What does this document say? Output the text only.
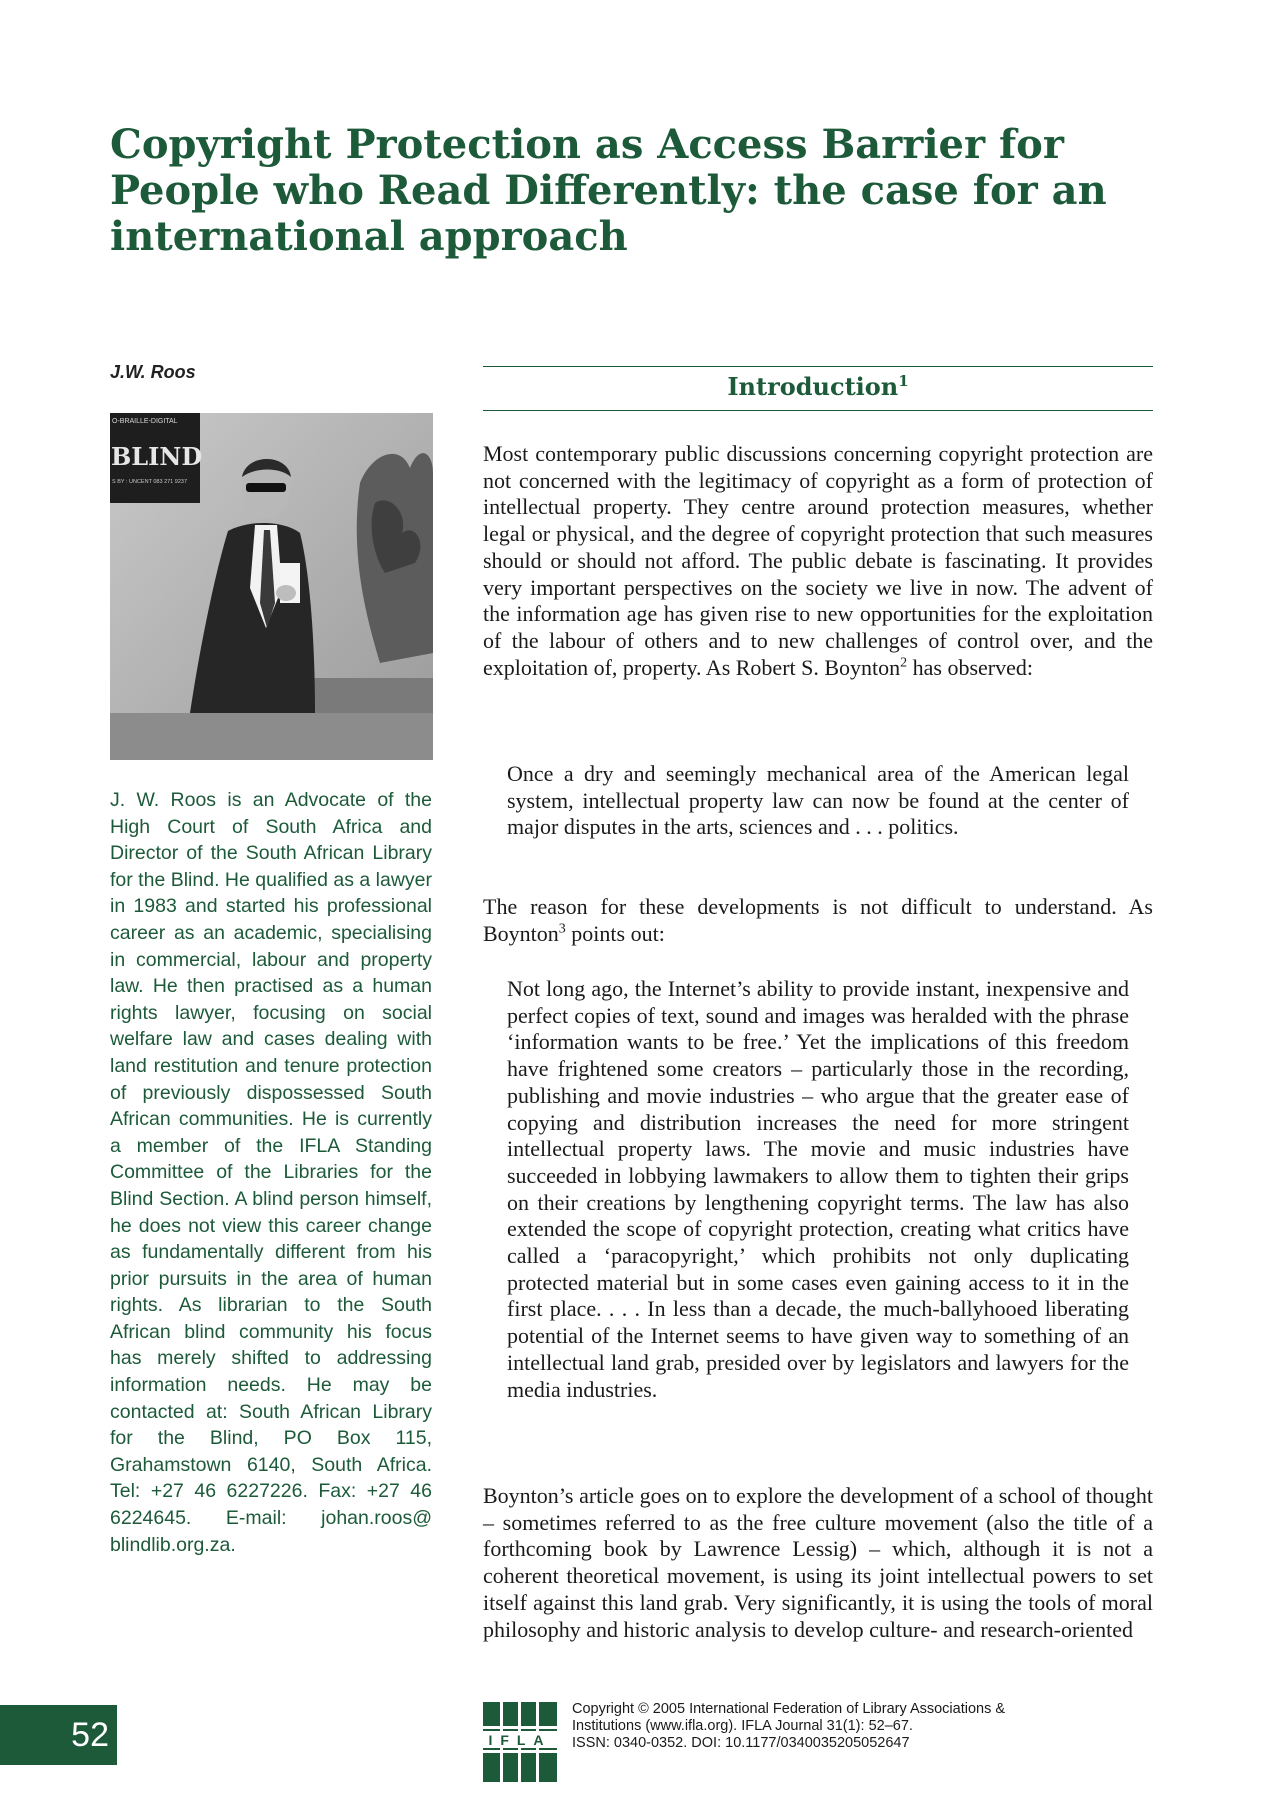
Copyright Protection as Access Barrier for People who Read Differently: the case for an international approach
J.W. Roos
O-BRAILLE-DIGITAL
BLIND
S BY : UNCENT 083 271 9237

J. W. Roos is an Advocate of the High Court of South Africa and Director of the South African Library for the Blind. He qualified as a lawyer in 1983 and started his professional career as an academic, specialising in commercial, labour and property law. He then practised as a human rights lawyer, focusing on social welfare law and cases dealing with land restitution and tenure protection of previously dispossessed South African communities. He is currently a member of the IFLA Standing Committee of the Libraries for the Blind Section. A blind person himself, he does not view this career change as fundamentally different from his prior pursuits in the area of human rights. As librarian to the South African blind community his focus has merely shifted to addressing information needs. He may be contacted at: South African Library for the Blind, PO Box 115, Grahamstown 6140, South Africa. Tel: +27 46 6227226. Fax: +27 46 6224645. E-mail: johan.roos@ blindlib.org.za.

Introduction$^1$

Most contemporary public discussions concerning copyright protection are not concerned with the legitimacy of copyright as a form of protection of intellectual property. They centre around protection measures, whether legal or physical, and the degree of copyright protection that such measures should or should not afford. The public debate is fascinating. It provides very important perspectives on the society we live in now. The advent of the information age has given rise to new opportunities for the exploitation of the labour of others and to new challenges of control over, and the exploitation of, property. As Robert S. Boynton$^2$ has observed:

Once a dry and seemingly mechanical area of the American legal system, intellectual property law can now be found at the center of major disputes in the arts, sciences and . . . politics.

The reason for these developments is not difficult to understand. As Boynton$^3$ points out:

Not long ago, the Internet’s ability to provide instant, inexpensive and perfect copies of text, sound and images was heralded with the phrase ‘information wants to be free.’ Yet the implications of this freedom have frightened some creators – particularly those in the recording, publishing and movie industries – who argue that the greater ease of copying and distribution increases the need for more stringent intellectual property laws. The movie and music industries have succeeded in lobbying lawmakers to allow them to tighten their grips on their creations by lengthening copyright terms. The law has also extended the scope of copyright protection, creating what critics have called a ‘paracopyright,’ which prohibits not only duplicating protected material but in some cases even gaining access to it in the first place. . . . In less than a decade, the much-ballyhooed liberating potential of the Internet seems to have given way to something of an intellectual land grab, presided over by legislators and lawyers for the media industries.

Boynton’s article goes on to explore the development of a school of thought – sometimes referred to as the free culture movement (also the title of a forthcoming book by Lawrence Lessig) – which, although it is not a coherent theoretical movement, is using its joint intellectual powers to set itself against this land grab. Very significantly, it is using the tools of moral philosophy and historic analysis to develop culture- and research-oriented

52	IFLA
Copyright © 2005 International Federation of Library Associations &
Institutions (www.ifla.org). IFLA Journal 31(1): 52–67.
ISSN: 0340-0352. DOI: 10.1177/0340035205052647
